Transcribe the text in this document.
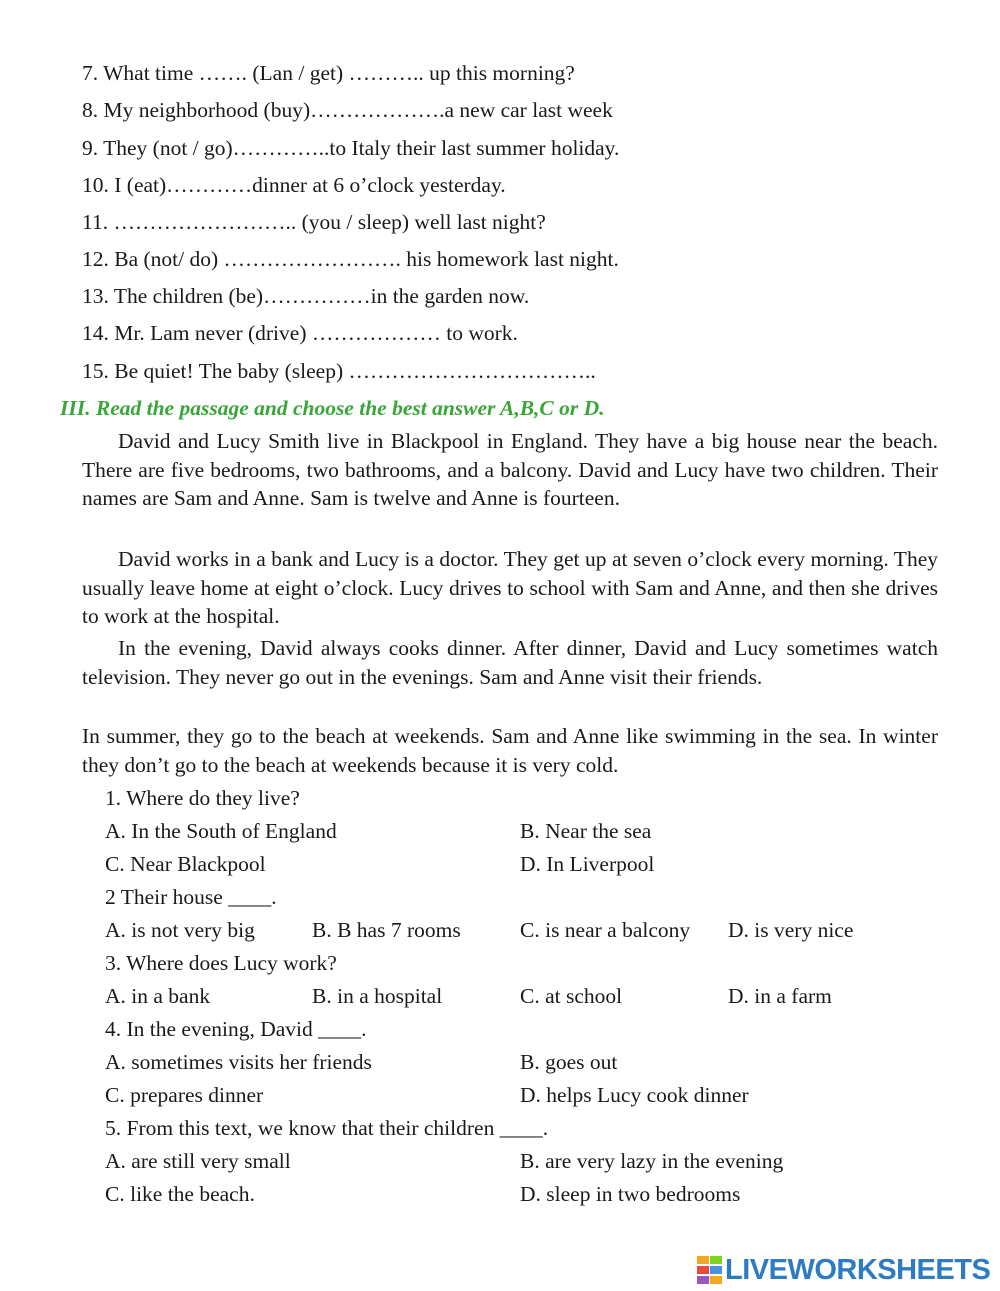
7. What time ……. (Lan / get) ……….. up this morning?
8. My neighborhood (buy)……………….a new car last week
9. They (not / go)…………..to Italy their last summer holiday.
10. I (eat)…………dinner at 6 o’clock yesterday.
11. …………………….. (you / sleep) well last night?
12. Ba (not/ do) ……………………. his homework last night.
13. The children (be)……………in the garden now.
14. Mr. Lam never (drive) ……………… to work.
15. Be quiet! The baby (sleep) ……………………………..
III. Read the passage and choose the best answer A,B,C or D.
David and Lucy Smith live in Blackpool in England. They have a big house near the beach. There are five bedrooms, two bathrooms, and a balcony. David and Lucy have two children. Their names are Sam and Anne. Sam is twelve and Anne is fourteen.
David works in a bank and Lucy is a doctor. They get up at seven o’clock every morning. They usually leave home at eight o’clock. Lucy drives to school with Sam and Anne, and then she drives to work at the hospital.
In the evening, David always cooks dinner. After dinner, David and Lucy sometimes watch television. They never go out in the evenings. Sam and Anne visit their friends.
In summer, they go to the beach at weekends. Sam and Anne like swimming in the sea. In winter they don’t go to the beach at weekends because it is very cold.
1. Where do they live?
A. In the South of England	B. Near the sea
C. Near Blackpool	D. In Liverpool
2 Their house ____.
A. is not very big	B. B has 7 rooms	C. is near a balcony D. is very nice
3. Where does Lucy work?
A. in a bank	B. in a hospital	C. at school	D. in a farm
4. In the evening, David ____.
A. sometimes visits her friends	B. goes out
C. prepares dinner	D. helps Lucy cook dinner
5. From this text, we know that their children ____.
A. are still very small	B. are very lazy in the evening
C. like the beach.	D. sleep in two bedrooms
LIVEWORKSHEETS
